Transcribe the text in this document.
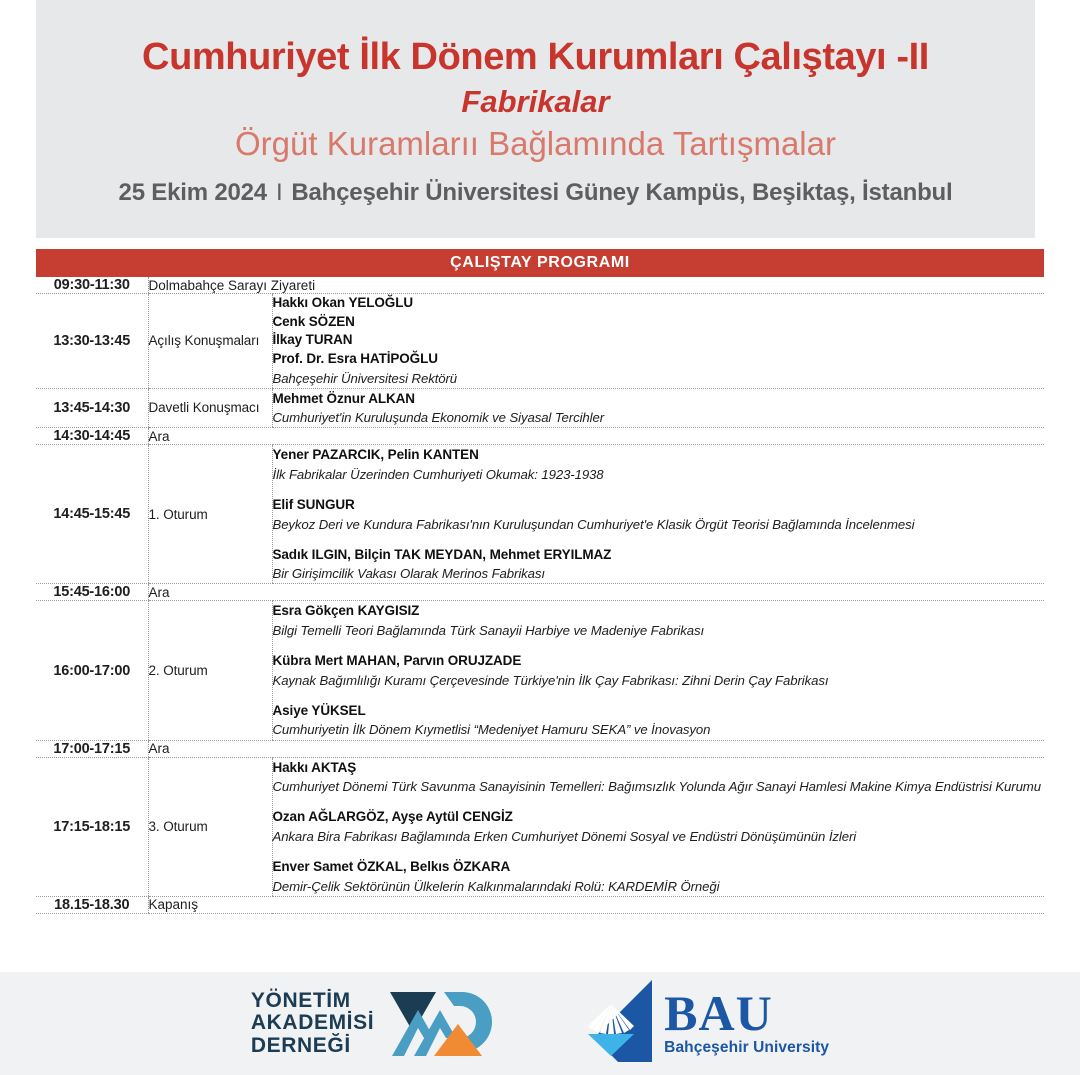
Cumhuriyet İlk Dönem Kurumları Çalıştayı -II
Fabrikalar
Örgüt Kuramlarıı Bağlamında Tartışmalar
25 Ekim 2024 I Bahçeşehir Üniversitesi Güney Kampüs, Beşiktaş, İstanbul
ÇALIŞTAY PROGRAMI
09:30-11:30	Dolmabahçe Sarayı Ziyareti	
13:30-13:45	Açılış Konuşmaları	Hakkı Okan YELOĞLU
Cenk SÖZEN
İlkay TURAN
Prof. Dr. Esra HATİPOĞLU
Bahçeşehir Üniversitesi Rektörü

13:45-14:30	Davetli Konuşmacı	Mehmet Öznur ALKAN
Cumhuriyet'in Kuruluşunda Ekonomik ve Siyasal Tercihler

14:30-14:45	Ara	
14:45-15:45	1. Oturum	
Yener PAZARCIK, Pelin KANTEN
İlk Fabrikalar Üzerinden Cumhuriyeti Okumak: 1923-1938
Elif SUNGUR
Beykoz Deri ve Kundura Fabrikası'nın Kuruluşundan Cumhuriyet'e Klasik Örgüt Teorisi Bağlamında İncelenmesi
Sadık ILGIN, Bilçin TAK MEYDAN, Mehmet ERYILMAZ
Bir Girişimcilik Vakası Olarak Merinos Fabrikası

15:45-16:00	Ara	
16:00-17:00	2. Oturum	
Esra Gökçen KAYGISIZ
Bilgi Temelli Teori Bağlamında Türk Sanayii Harbiye ve Madeniye Fabrikası
Kübra Mert MAHAN, Parvın ORUJZADE
Kaynak Bağımlılığı Kuramı Çerçevesinde Türkiye'nin İlk Çay Fabrikası: Zihni Derin Çay Fabrikası
Asiye YÜKSEL
Cumhuriyetin İlk Dönem Kıymetlisi “Medeniyet Hamuru SEKA” ve İnovasyon

17:00-17:15	Ara	
17:15-18:15	3. Oturum	
Hakkı AKTAŞ
Cumhuriyet Dönemi Türk Savunma Sanayisinin Temelleri: Bağımsızlık Yolunda Ağır Sanayi Hamlesi Makine Kimya Endüstrisi Kurumu
Ozan AĞLARGÖZ, Ayşe Aytül CENGİZ
Ankara Bira Fabrikası Bağlamında Erken Cumhuriyet Dönemi Sosyal ve Endüstri Dönüşümünün İzleri
Enver Samet ÖZKAL, Belkıs ÖZKARA
Demir-Çelik Sektörünün Ülkelerin Kalkınmalarındaki Rolü: KARDEMİR Örneği

18.15-18.30	Kapanış	
YÖNETİM
AKADEMİSİ
DERNEĞİ
BAU
Bahçeşehir University
